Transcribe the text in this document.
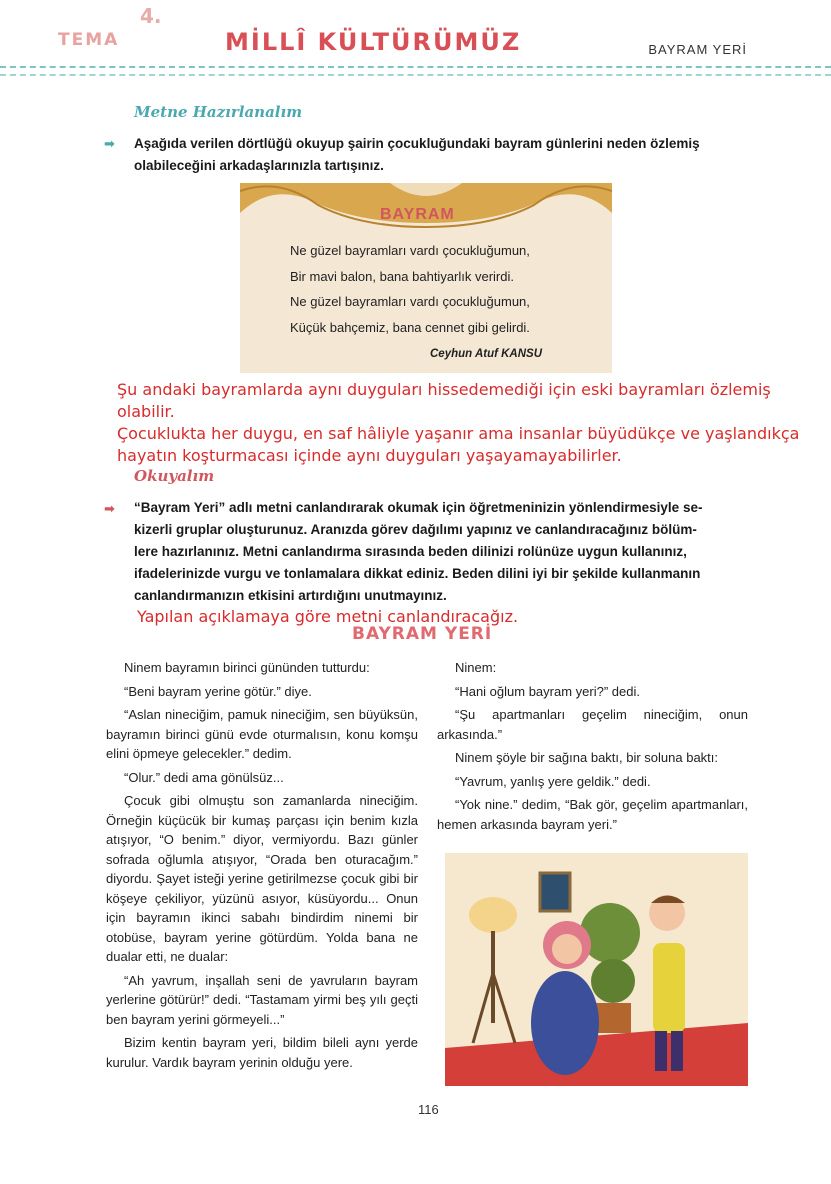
4.
TEMA	MİLLÎ KÜLTÜRÜMÜZ	BAYRAM YERİ
Metne Hazırlanalım
➡ Aşağıda verilen dörtlüğü okuyup şairin çocukluğundaki bayram günlerini neden özlemiş
olabileceğini arkadaşlarınızla tartışınız.
BAYRAM
Ne güzel bayramları vardı çocukluğumun,
Bir mavi balon, bana bahtiyarlık verirdi.
Ne güzel bayramları vardı çocukluğumun,
Küçük bahçemiz, bana cennet gibi gelirdi.
Ceyhun Atuf KANSU
Şu andaki bayramlarda aynı duyguları hissedemediği için eski bayramları özlemiş olabilir.
Çocuklukta her duygu, en saf hâliyle yaşanır ama insanlar büyüdükçe ve yaşlandıkça
hayatın koşturmacası içinde aynı duyguları yaşayamayabilirler.
Okuyalım
➡ “Bayram Yeri” adlı metni canlandırarak okumak için öğretmeninizin yönlendirmesiyle se-
kizerli gruplar oluşturunuz. Aranızda görev dağılımı yapınız ve canlandıracağınız bölüm-
lere hazırlanınız. Metni canlandırma sırasında beden dilinizi rolünüze uygun kullanınız,
ifadelerinizde vurgu ve tonlamalara dikkat ediniz. Beden dilini iyi bir şekilde kullanmanın
canlandırmanızın etkisini artırdığını unutmayınız.
Yapılan açıklamaya göre metni canlandıracağız.
BAYRAM YERİ

Ninem bayramın birinci gününden tutturdu:

“Beni bayram yerine götür.” diye.

“Aslan nineciğim, pamuk nineciğim, sen büyüksün, bayramın birinci günü evde oturmalısın, konu komşu elini öpmeye gelecekler.” dedim.

“Olur.” dedi ama gönülsüz...

Çocuk gibi olmuştu son zamanlarda nineciğim. Örneğin küçücük bir kumaş parçası için benim kızla atışıyor, “O benim.” diyor, vermiyordu. Bazı günler sofrada oğlumla atışıyor, “Orada ben oturacağım.” diyordu. Şayet isteği yerine getirilmezse çocuk gibi bir köşeye çekiliyor, yüzünü asıyor, küsüyordu... Onun için bayramın ikinci sabahı bindirdim ninemi bir otobüse, bayram yerine götürdüm. Yolda bana ne dualar etti, ne dualar:

“Ah yavrum, inşallah seni de yavruların bayram yerlerine götürür!” dedi. “Tastamam yirmi beş yılı geçti ben bayram yerini görmeyeli...”

Bizim kentin bayram yeri, bildim bileli aynı yerde kurulur. Vardık bayram yerinin olduğu yere.

Ninem:

“Hani oğlum bayram yeri?” dedi.

“Şu apartmanları geçelim nineciğim, onun arkasında.”

Ninem şöyle bir sağına baktı, bir soluna baktı:

“Yavrum, yanlış yere geldik.” dedi.

“Yok nine.” dedim, “Bak gör, geçelim apartmanları, hemen arkasında bayram yeri.”

116
